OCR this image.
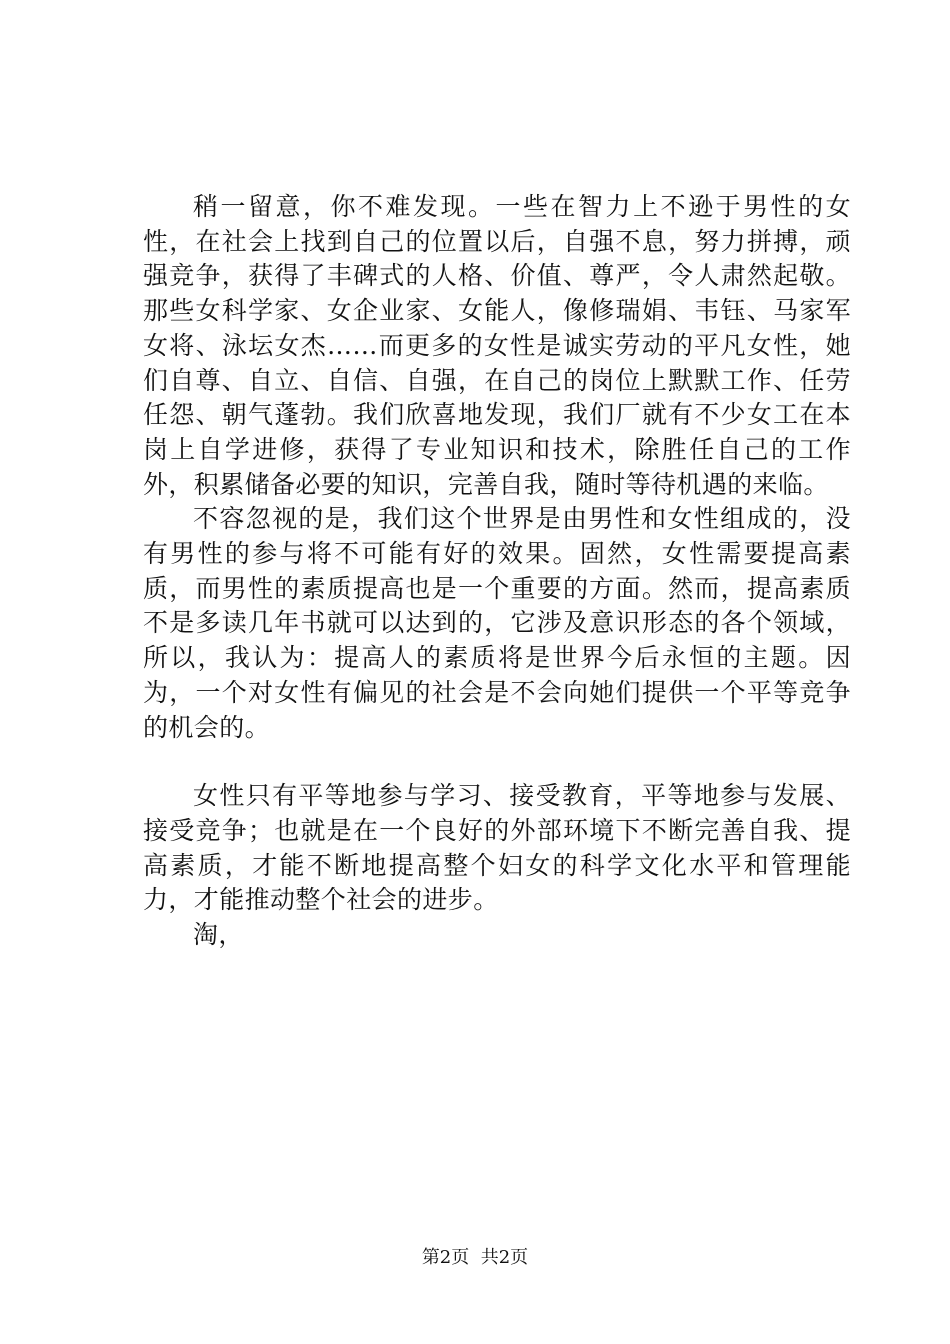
稍一留意，你不难发现。一些在智力上不逊于男性的女性，在社会上找到自己的位置以后，自强不息，努力拼搏，顽强竞争，获得了丰碑式的人格、价值、尊严，令人肃然起敬。那些女科学家、女企业家、女能人，像修瑞娟、韦钰、马家军女将、泳坛女杰……而更多的女性是诚实劳动的平凡女性，她们自尊、自立、自信、自强，在自己的岗位上默默工作、任劳任怨、朝气蓬勃。我们欣喜地发现，我们厂就有不少女工在本岗上自学进修，获得了专业知识和技术，除胜任自己的工作外，积累储备必要的知识，完善自我，随时等待机遇的来临。

不容忽视的是，我们这个世界是由男性和女性组成的，没有男性的参与将不可能有好的效果。固然，女性需要提高素质，而男性的素质提高也是一个重要的方面。然而，提高素质不是多读几年书就可以达到的，它涉及意识形态的各个领域，所以，我认为：提高人的素质将是世界今后永恒的主题。因为，一个对女性有偏见的社会是不会向她们提供一个平等竞争的机会的。

女性只有平等地参与学习、接受教育，平等地参与发展、接受竞争；也就是在一个良好的外部环境下不断完善自我、提高素质，才能不断地提高整个妇女的科学文化水平和管理能力，才能推动整个社会的进步。

淘，

第2页  共2页
